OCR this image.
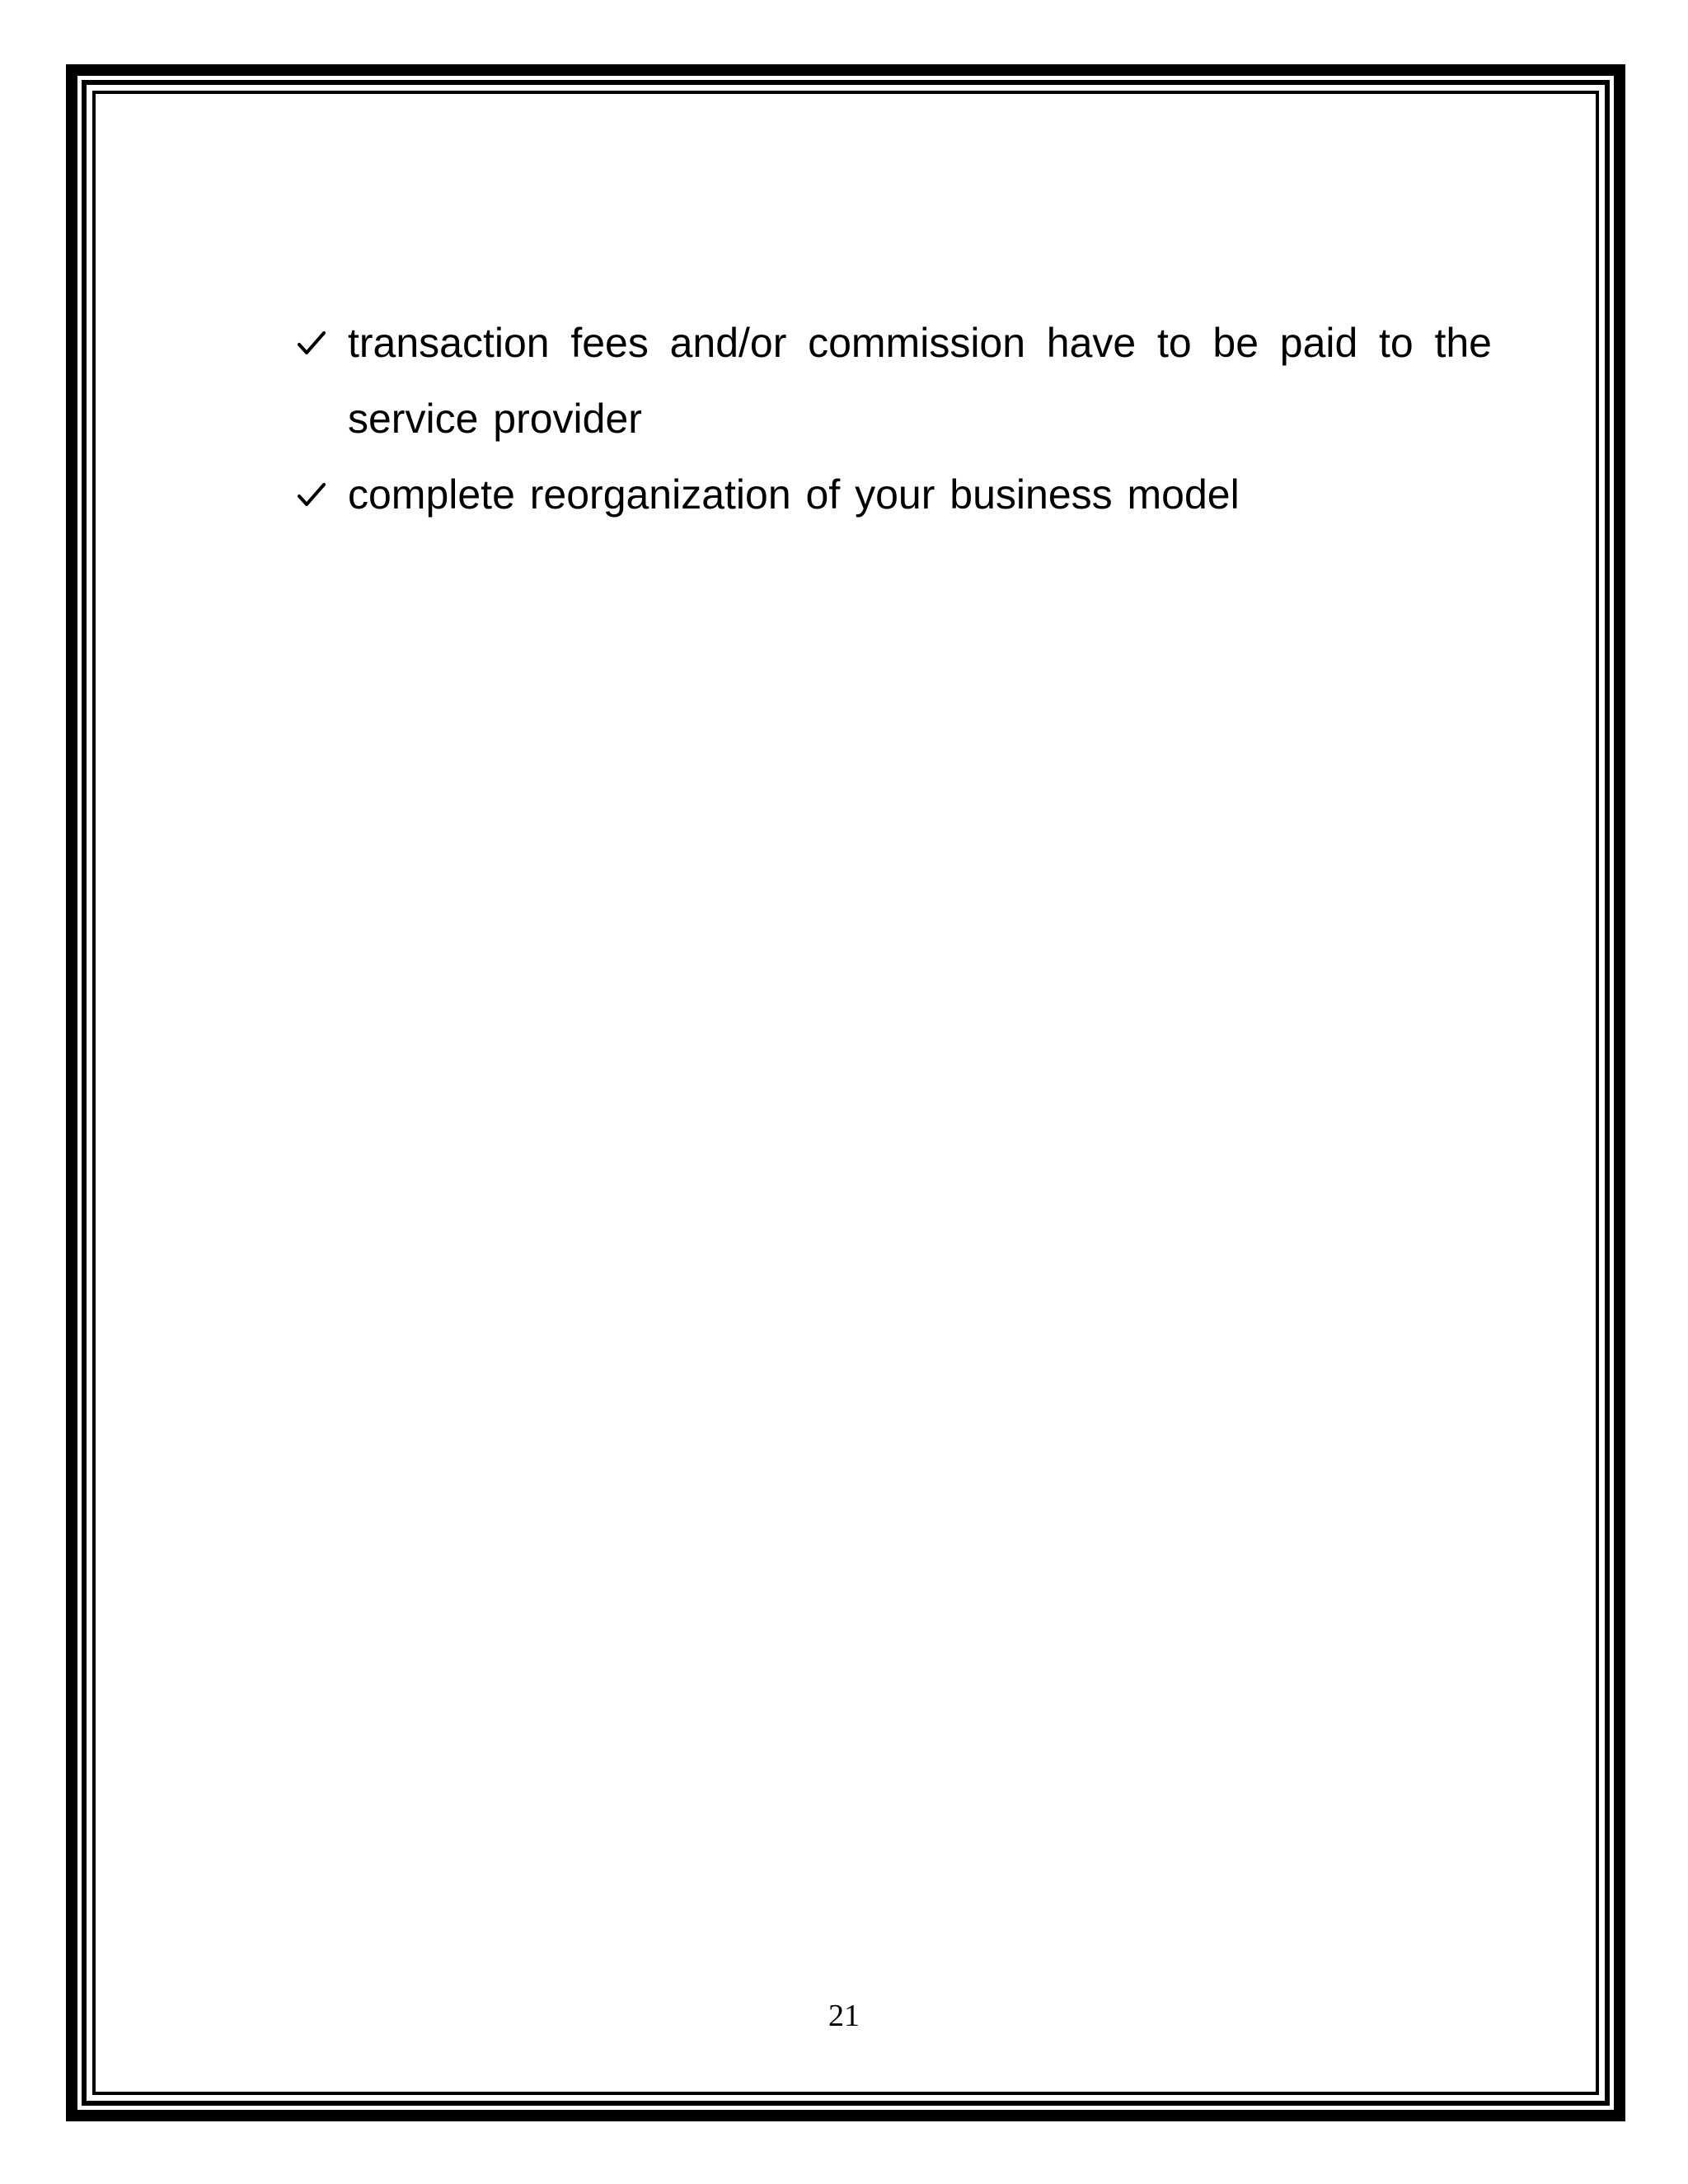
transaction fees and/or commission have to be paid to the service provider
complete reorganization of your business model
21
